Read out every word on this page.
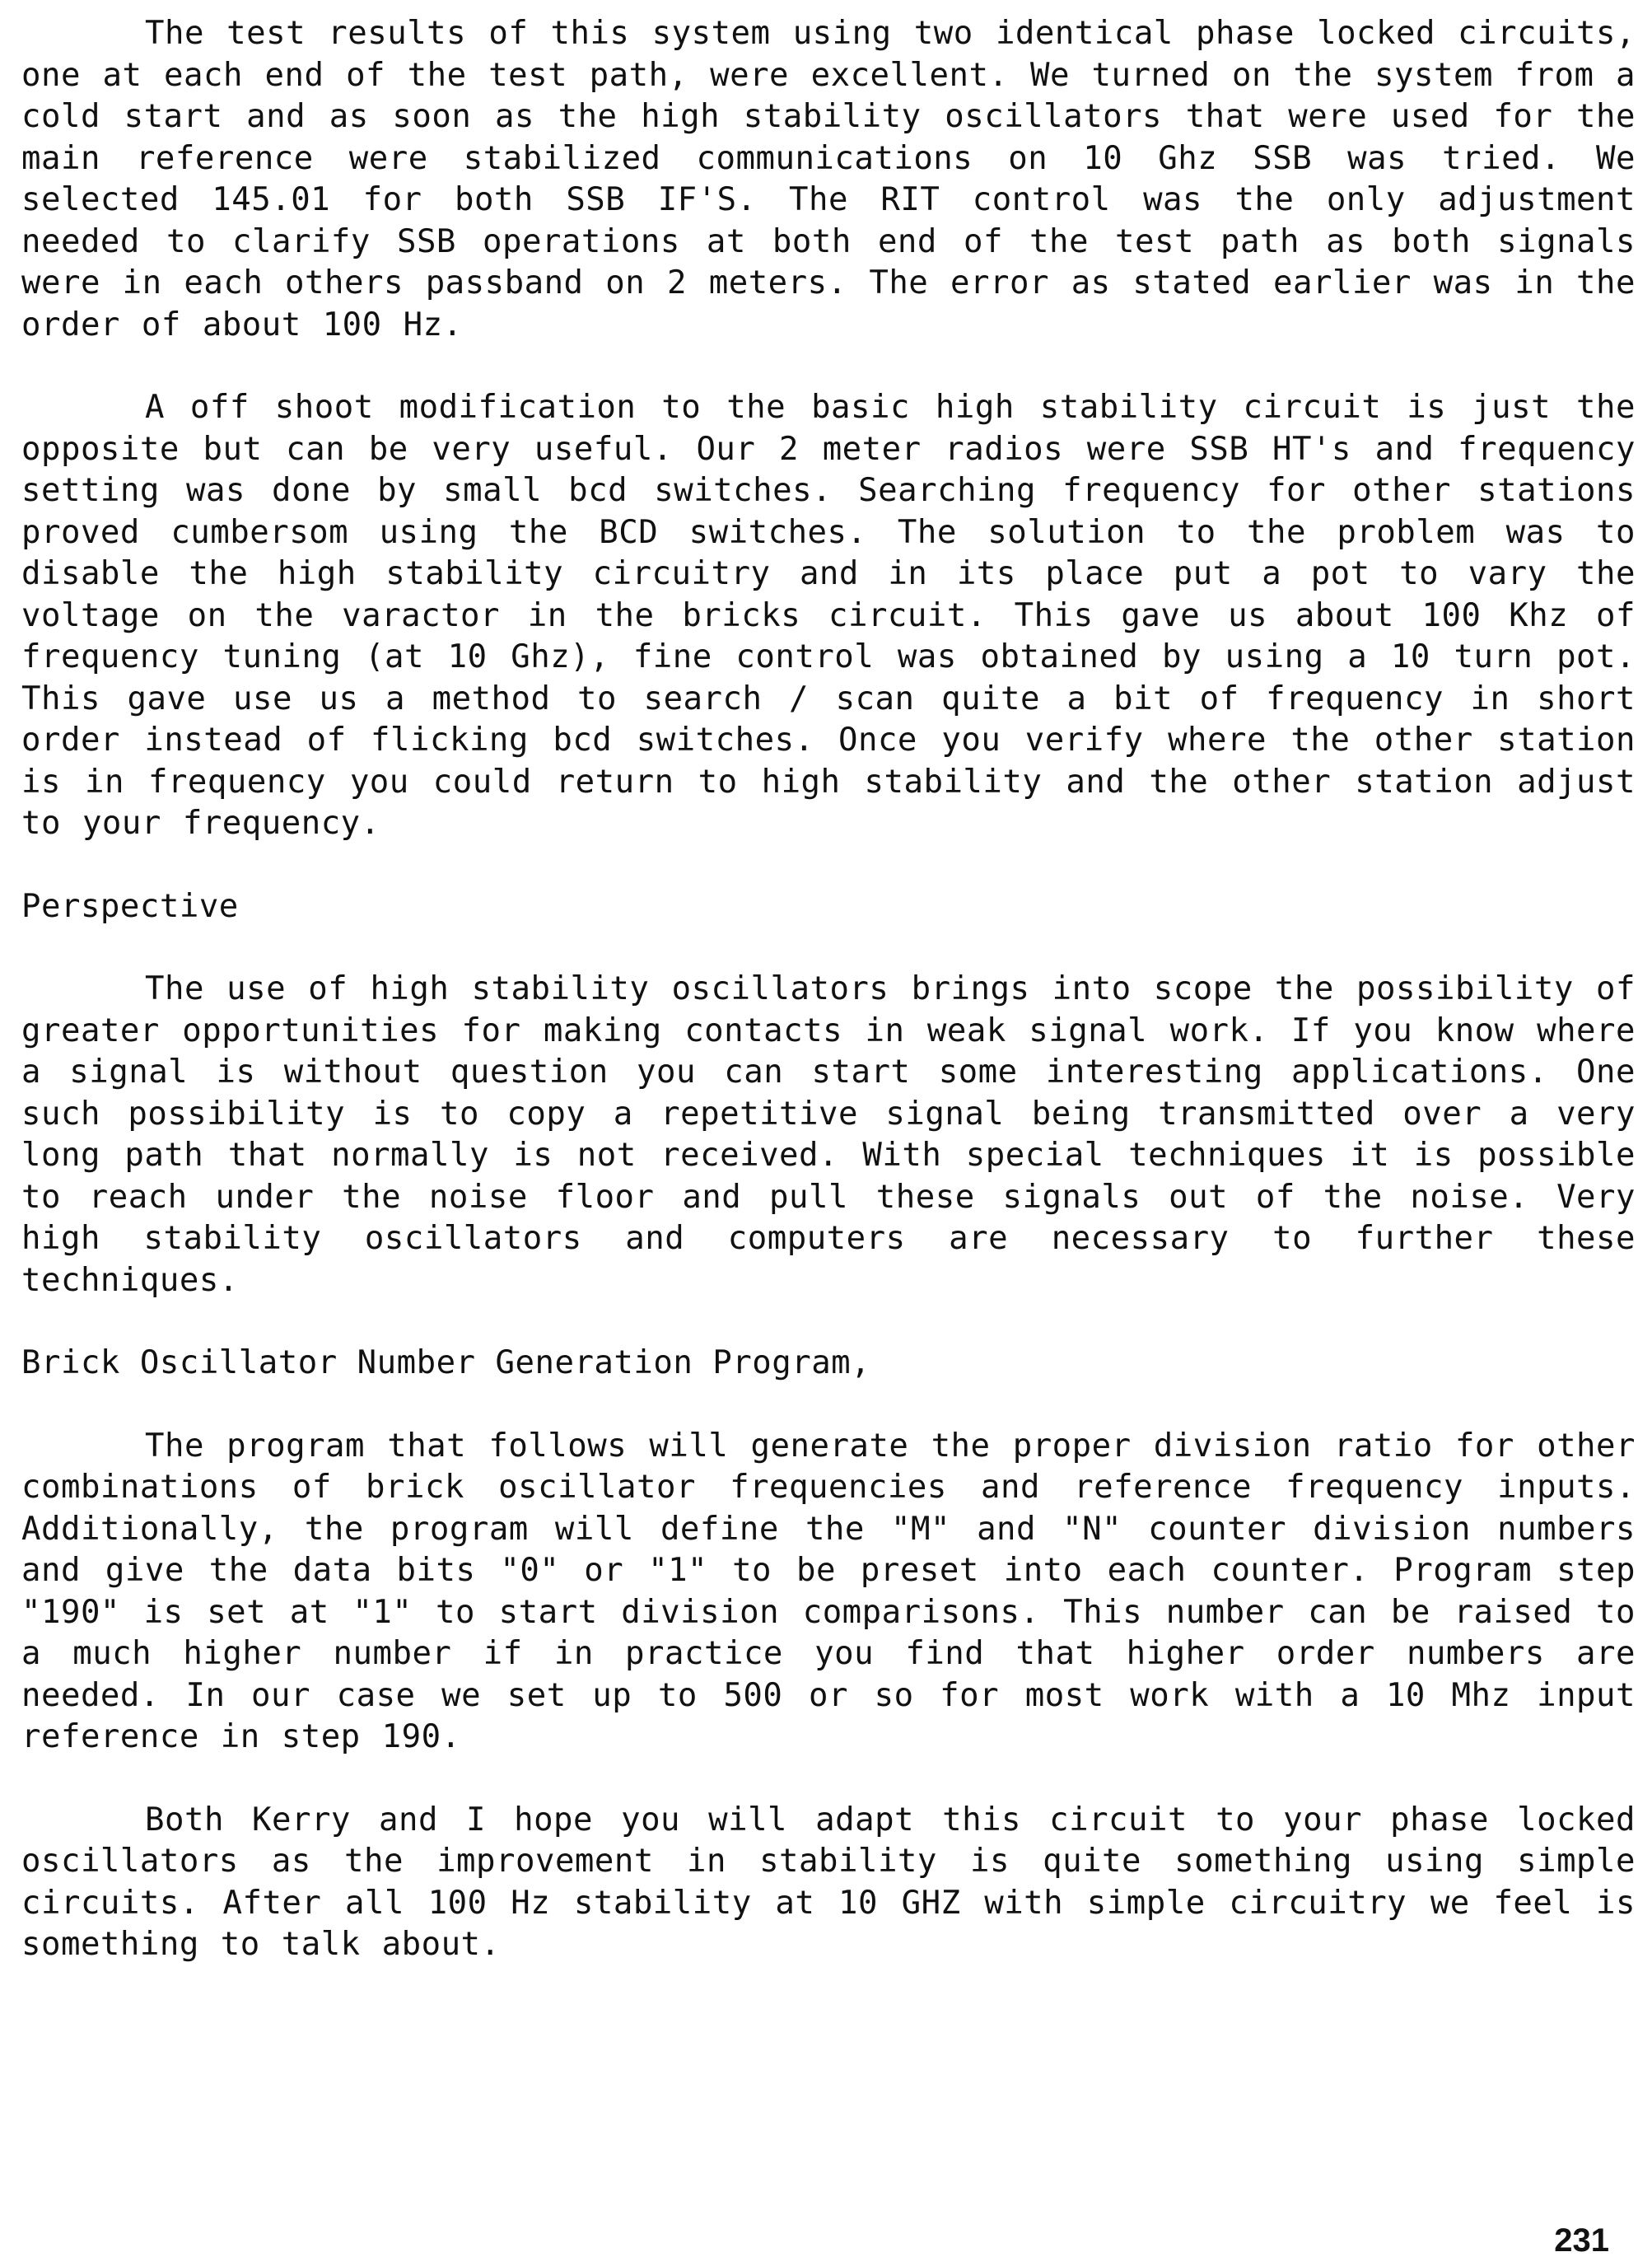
The test results of this system using two identical phase locked circuits, one at each end of the test path, were excellent. We turned on the system from a cold start and as soon as the high stability oscillators that were used for the main reference were stabilized communications on 10 Ghz SSB was tried. We selected 145.01 for both SSB IF'S. The RIT control was the only adjustment needed to clarify SSB operations at both end of the test path as both signals were in each others passband on 2 meters. The error as stated earlier was in the order of about 100 Hz.

A off shoot modification to the basic high stability circuit is just the opposite but can be very useful. Our 2 meter radios were SSB HT's and frequency setting was done by small bcd switches. Searching frequency for other stations proved cumbersom using the BCD switches. The solution to the problem was to disable the high stability circuitry and in its place put a pot to vary the voltage on the varactor in the bricks circuit. This gave us about 100 Khz of frequency tuning (at 10 Ghz), fine control was obtained by using a 10 turn pot. This gave use us a method to search / scan quite a bit of frequency in short order instead of flicking bcd switches. Once you verify where the other station is in frequency you could return to high stability and the other station adjust to your frequency.

Perspective

The use of high stability oscillators brings into scope the possibility of greater opportunities for making contacts in weak signal work. If you know where a signal is without question you can start some interesting applications. One such possibility is to copy a repetitive signal being transmitted over a very long path that normally is not received. With special techniques it is possible to reach under the noise floor and pull these signals out of the noise. Very high stability oscillators and computers are necessary to further these techniques.

Brick Oscillator Number Generation Program,

The program that follows will generate the proper division ratio for other combinations of brick oscillator frequencies and reference frequency inputs. Additionally, the program will define the "M" and "N" counter division numbers and give the data bits "0" or "1" to be preset into each counter. Program step "190" is set at "1" to start division comparisons. This number can be raised to a much higher number if in practice you find that higher order numbers are needed. In our case we set up to 500 or so for most work with a 10 Mhz input reference in step 190.

Both Kerry and I hope you will adapt this circuit to your phase locked oscillators as the improvement in stability is quite something using simple circuits. After all 100 Hz stability at 10 GHZ with simple circuitry we feel is something to talk about.

231
